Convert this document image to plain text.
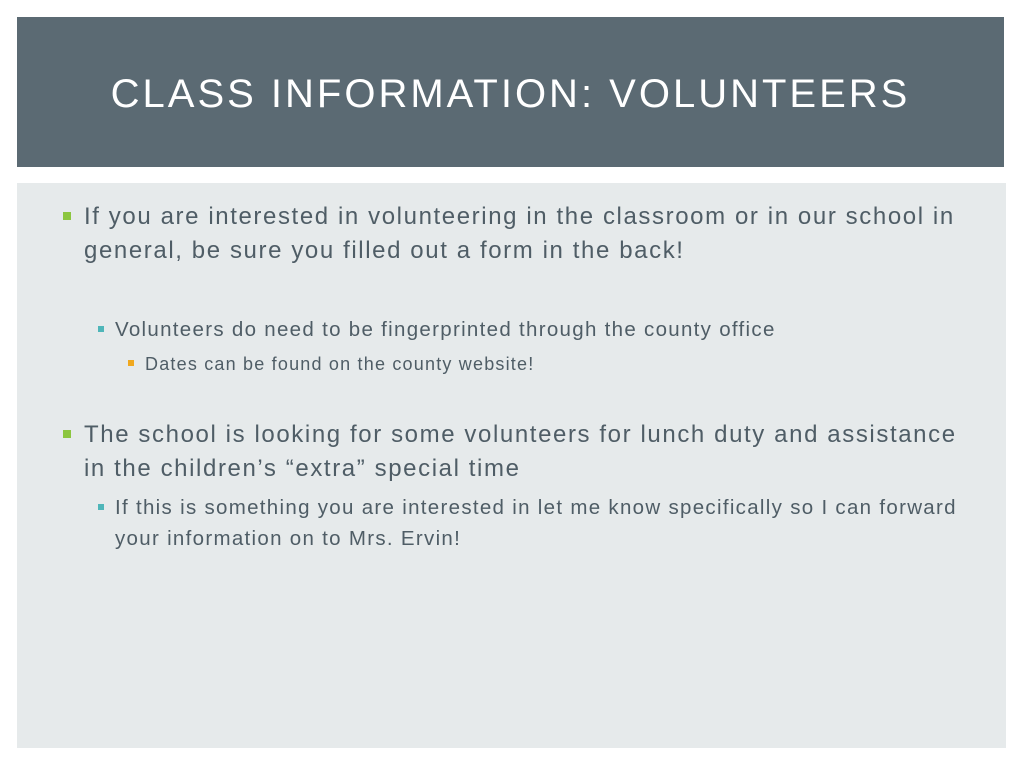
CLASS INFORMATION: VOLUNTEERS
If you are interested in volunteering in the classroom or in our school in general, be sure you filled out a form in the back!
Volunteers do need to be fingerprinted through the county office
Dates can be found on the county website!
The school is looking for some volunteers for lunch duty and assistance in the children’s “extra” special time
If this is something you are interested in let me know specifically so I can forward your information on to Mrs. Ervin!
